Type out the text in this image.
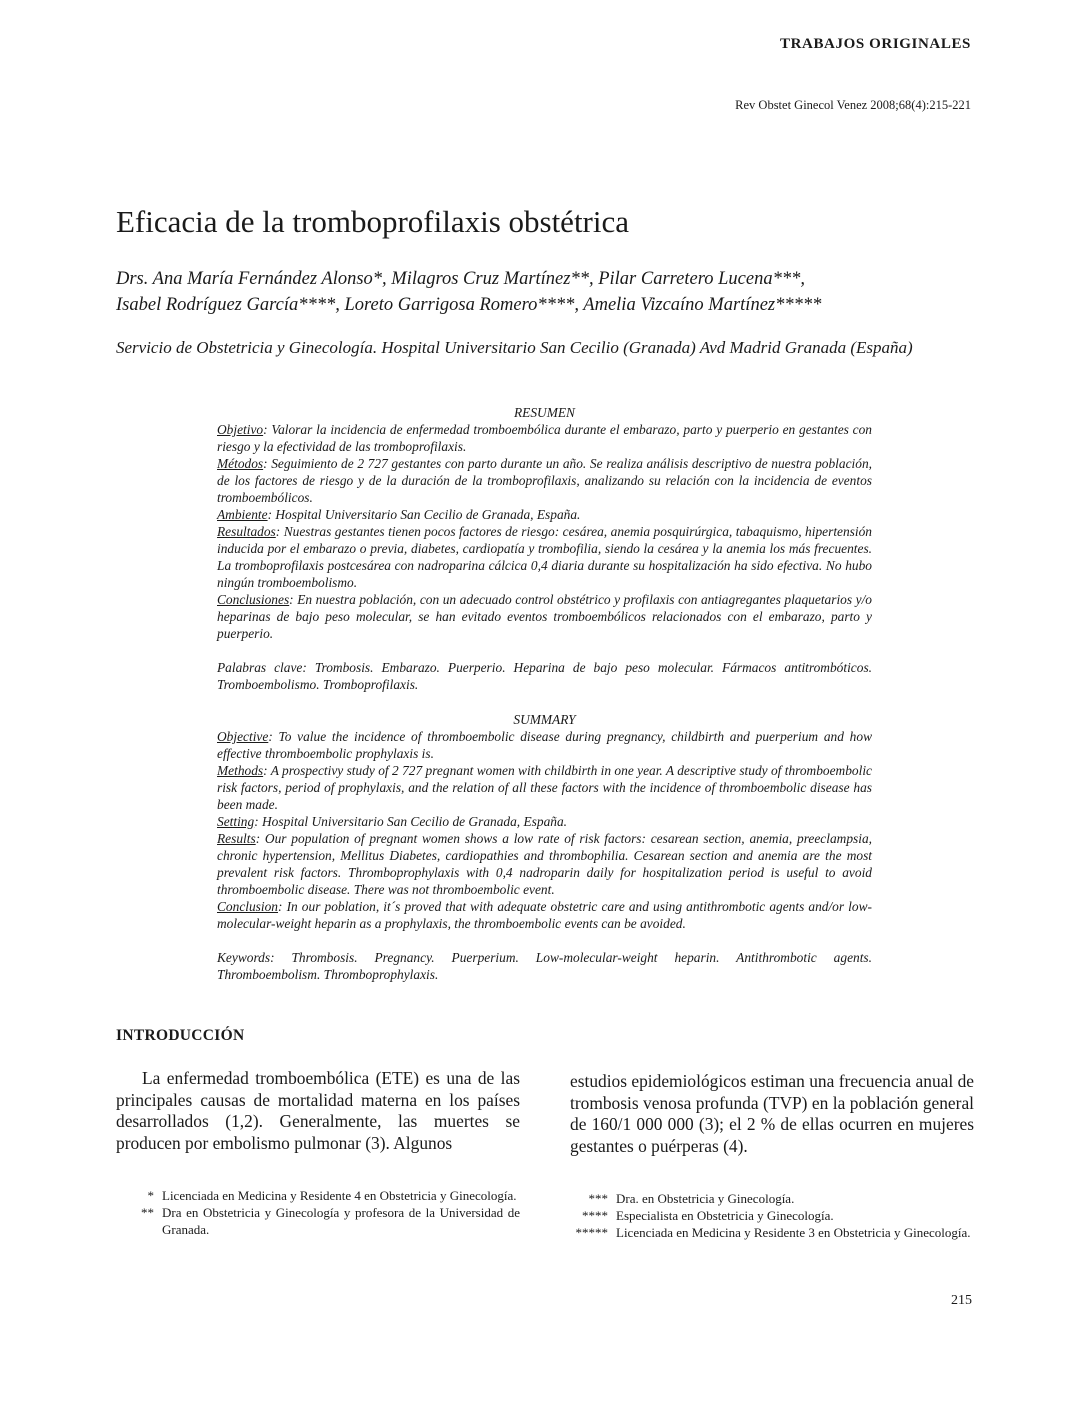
TRABAJOS ORIGINALES
Rev Obstet Ginecol Venez 2008;68(4):215-221
Eficacia de la tromboprofilaxis obstétrica
Drs. Ana María Fernández Alonso*, Milagros Cruz Martínez**, Pilar Carretero Lucena***,
Isabel Rodríguez García****, Loreto Garrigosa Romero****, Amelia Vizcaíno Martínez*****
Servicio de Obstetricia y Ginecología. Hospital Universitario San Cecilio (Granada) Avd Madrid Granada (España)
RESUMEN

Objetivo: Valorar la incidencia de enfermedad tromboembólica durante el embarazo, parto y puerperio en gestantes con riesgo y la efectividad de las tromboprofilaxis.

Métodos: Seguimiento de 2 727 gestantes con parto durante un año. Se realiza análisis descriptivo de nuestra población, de los factores de riesgo y de la duración de la tromboprofilaxis, analizando su relación con la incidencia de eventos tromboembólicos.

Ambiente: Hospital Universitario San Cecilio de Granada, España.

Resultados: Nuestras gestantes tienen pocos factores de riesgo: cesárea, anemia posquirúrgica, tabaquismo, hipertensión inducida por el embarazo o previa, diabetes, cardiopatía y trombofilia, siendo la cesárea y la anemia los más frecuentes. La tromboprofilaxis postcesárea con nadroparina cálcica 0,4 diaria durante su hospitalización ha sido efectiva. No hubo ningún tromboembolismo.

Conclusiones: En nuestra población, con un adecuado control obstétrico y profilaxis con antiagregantes plaquetarios y/o heparinas de bajo peso molecular, se han evitado eventos tromboembólicos relacionados con el embarazo, parto y puerperio.

Palabras clave: Trombosis. Embarazo. Puerperio. Heparina de bajo peso molecular. Fármacos antitrombóticos. Tromboembolismo. Tromboprofilaxis.

SUMMARY

Objective: To value the incidence of thromboembolic disease during pregnancy, childbirth and puerperium and how effective thromboembolic prophylaxis is.

Methods: A prospectivy study of 2 727 pregnant women with childbirth in one year. A descriptive study of thromboembolic risk factors, period of prophylaxis, and the relation of all these factors with the incidence of thromboembolic disease has been made.

Setting: Hospital Universitario San Cecilio de Granada, España.

Results: Our population of pregnant women shows a low rate of risk factors: cesarean section, anemia, preeclampsia, chronic hypertension, Mellitus Diabetes, cardiopathies and thrombophilia. Cesarean section and anemia are the most prevalent risk factors. Thromboprophylaxis with 0,4 nadroparin daily for hospitalization period is useful to avoid thromboembolic disease. There was not thromboembolic event.

Conclusion: In our poblation, it´s proved that with adequate obstetric care and using antithrombotic agents and/or low-molecular-weight heparin as a prophylaxis, the thromboembolic events can be avoided.

Keywords: Thrombosis. Pregnancy. Puerperium. Low-molecular-weight heparin. Antithrombotic agents. Thromboembolism. Thromboprophylaxis.

INTRODUCCIÓN

La enfermedad tromboembólica (ETE) es una de las principales causas de mortalidad materna en los países desarrollados (1,2). Generalmente, las muertes se producen por embolismo pulmonar (3). Algunos

estudios epidemiológicos estiman una frecuencia anual de trombosis venosa profunda (TVP) en la población general de 160/1 000 000 (3); el 2 % de ellas ocurren en mujeres gestantes o puérperas (4).

* Licenciada en Medicina y Residente 4 en Obstetricia y Ginecología.
** Dra en Obstetricia y Ginecología y profesora de la Universidad de Granada.
*** Dra. en Obstetricia y Ginecología.
**** Especialista en Obstetricia y Ginecología.
***** Licenciada en Medicina y Residente 3 en Obstetricia y Ginecología.
215
